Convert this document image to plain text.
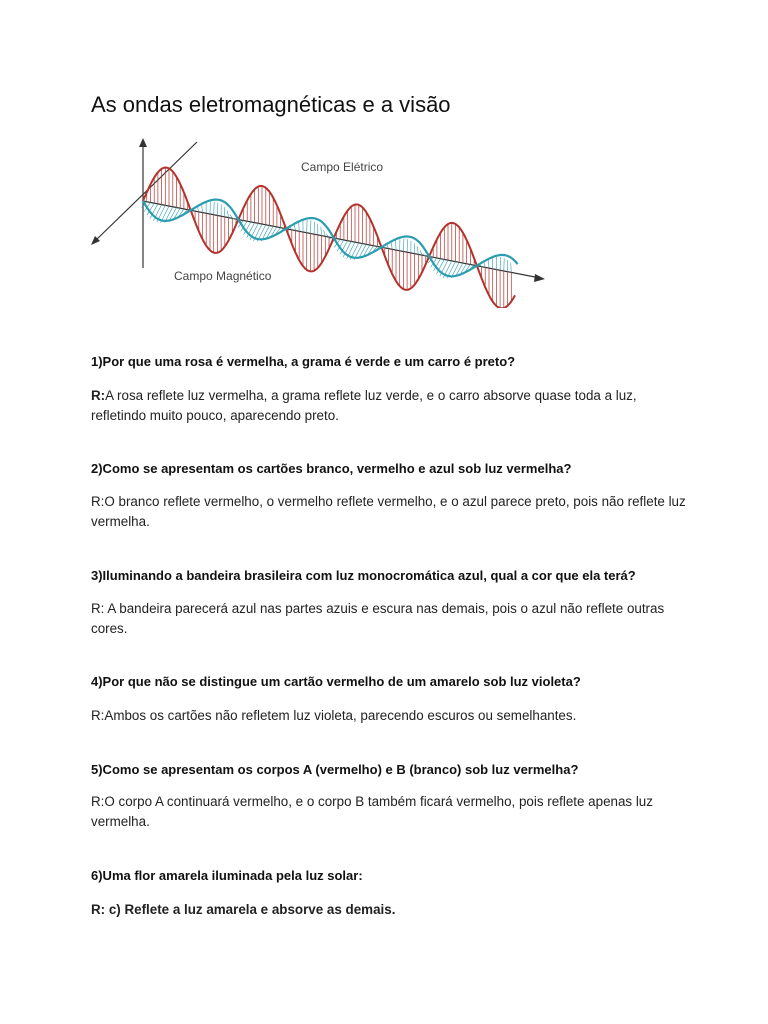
As ondas eletromagnéticas e a visão
Campo Elétrico
Campo Magnético
1)Por que uma rosa é vermelha, a grama é verde e um carro é preto?
R:A rosa reflete luz vermelha, a grama reflete luz verde, e o carro absorve quase toda a luz, refletindo muito pouco, aparecendo preto.
2)Como se apresentam os cartões branco, vermelho e azul sob luz vermelha?
R:O branco reflete vermelho, o vermelho reflete vermelho, e o azul parece preto, pois não reflete luz vermelha.
3)Iluminando a bandeira brasileira com luz monocromática azul, qual a cor que ela terá?
R: A bandeira parecerá azul nas partes azuis e escura nas demais, pois o azul não reflete outras cores.
4)Por que não se distingue um cartão vermelho de um amarelo sob luz violeta?
R:Ambos os cartões não refletem luz violeta, parecendo escuros ou semelhantes.
5)Como se apresentam os corpos A (vermelho) e B (branco) sob luz vermelha?
R:O corpo A continuará vermelho, e o corpo B também ficará vermelho, pois reflete apenas luz vermelha.
6)Uma flor amarela iluminada pela luz solar:
R: c) Reflete a luz amarela e absorve as demais.
